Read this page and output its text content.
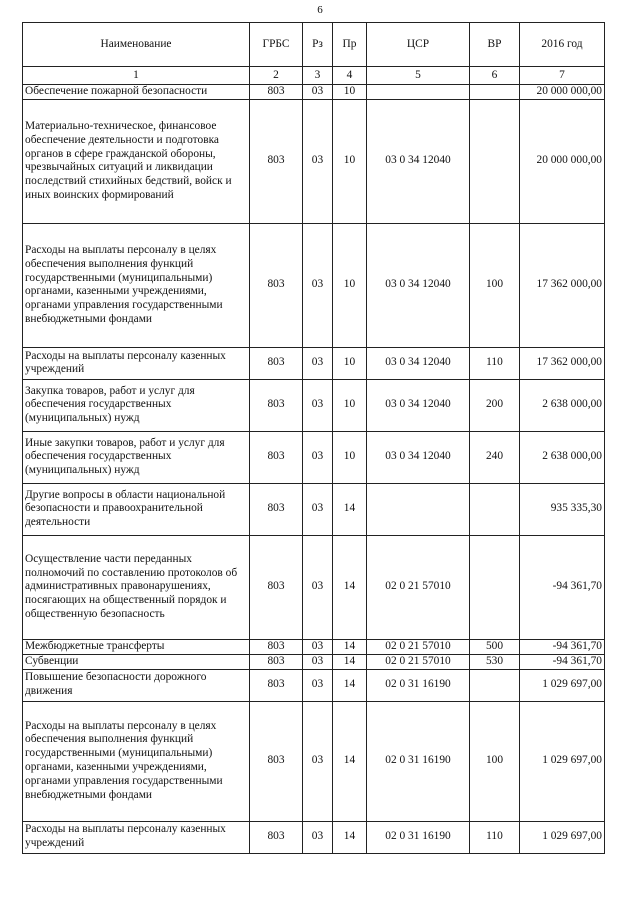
6
Наименование	ГРБС	Рз	Пр	ЦСР	ВР	2016 год
1	2	3	4	5	6	7
Обеспечение пожарной безопасности	803	03	10			20 000 000,00
Материально-техническое, финансовое обеспечение деятельности и подготовка органов в сфере гражданской обороны, чрезвычайных ситуаций и ликвидации последствий стихийных бедствий, войск и иных воинских формирований	803	03	10	03 0 34 12040		20 000 000,00
Расходы на выплаты персоналу в целях обеспечения выполнения функций государственными (муниципальными) органами, казенными учреждениями, органами управления государственными внебюджетными фондами	803	03	10	03 0 34 12040	100	17 362 000,00
Расходы на выплаты персоналу казенных учреждений	803	03	10	03 0 34 12040	110	17 362 000,00
Закупка товаров, работ и услуг для обеспечения государственных (муниципальных) нужд	803	03	10	03 0 34 12040	200	2 638 000,00
Иные закупки товаров, работ и услуг для обеспечения государственных (муниципальных) нужд	803	03	10	03 0 34 12040	240	2 638 000,00
Другие вопросы в области национальной безопасности и правоохранительной деятельности	803	03	14			935 335,30
Осуществление части переданных полномочий по составлению протоколов об административных правонарушениях, посягающих на общественный порядок и общественную безопасность	803	03	14	02 0 21 57010		-94 361,70
Межбюджетные трансферты	803	03	14	02 0 21 57010	500	-94 361,70
Субвенции	803	03	14	02 0 21 57010	530	-94 361,70
Повышение безопасности дорожного движения	803	03	14	02 0 31 16190		1 029 697,00
Расходы на выплаты персоналу в целях обеспечения выполнения функций государственными (муниципальными) органами, казенными учреждениями, органами управления государственными внебюджетными фондами	803	03	14	02 0 31 16190	100	1 029 697,00
Расходы на выплаты персоналу казенных учреждений	803	03	14	02 0 31 16190	110	1 029 697,00
